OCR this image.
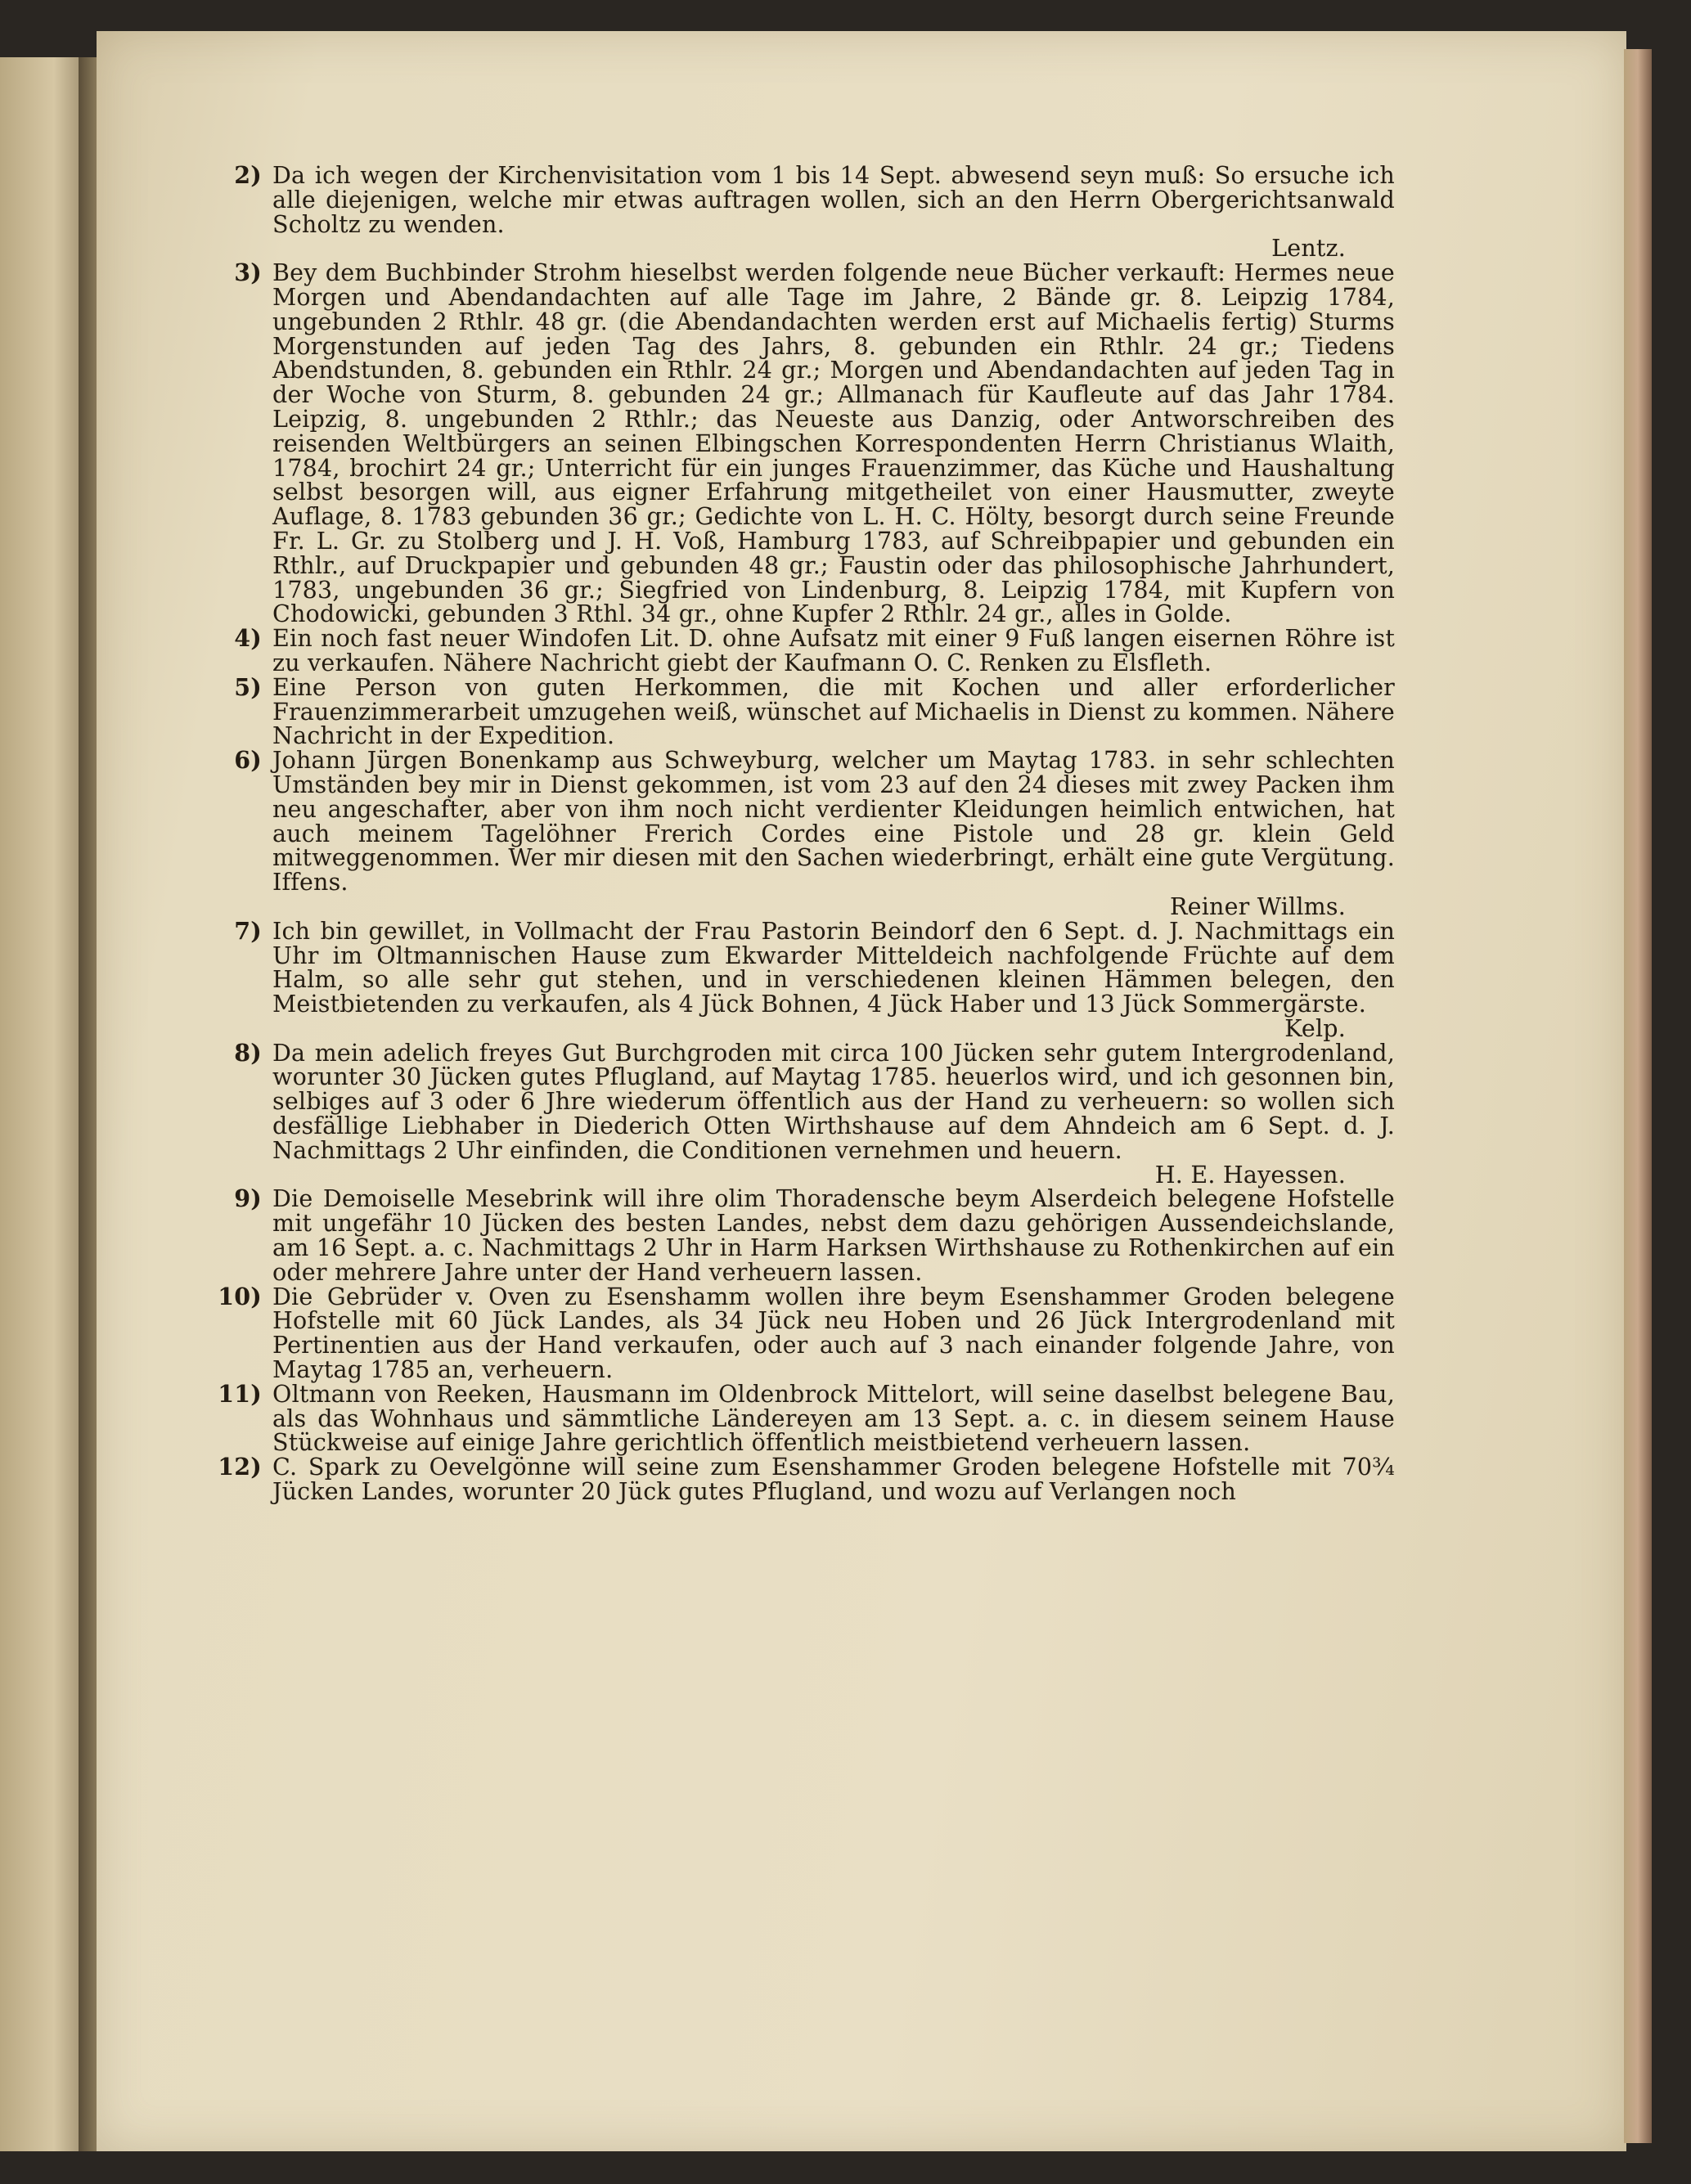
2) Da ich wegen der Kirchenvisitation vom 1 bis 14 Sept. abwesend seyn muß: So ersuche ich alle diejenigen, welche mir etwas auftragen wollen, sich an den Herrn Obergerichtsanwald Scholtz zu wenden.
Lentz.
3) Bey dem Buchbinder Strohm hieselbst werden folgende neue Bücher verkauft: Hermes neue Morgen und Abendandachten auf alle Tage im Jahre, 2 Bände gr. 8. Leipzig 1784, ungebunden 2 Rthlr. 48 gr. (die Abendandachten werden erst auf Michaelis fertig) Sturms Morgenstunden auf jeden Tag des Jahrs, 8. gebunden ein Rthlr. 24 gr.; Tiedens Abendstunden, 8. gebunden ein Rthlr. 24 gr.; Morgen und Abendandachten auf jeden Tag in der Woche von Sturm, 8. gebunden 24 gr.; Allmanach für Kaufleute auf das Jahr 1784. Leipzig, 8. ungebunden 2 Rthlr.; das Neueste aus Danzig, oder Antworschreiben des reisenden Weltbürgers an seinen Elbingschen Korrespondenten Herrn Christianus Wlaith, 1784, brochirt 24 gr.; Unterricht für ein junges Frauenzimmer, das Küche und Haushaltung selbst besorgen will, aus eigner Erfahrung mitgetheilet von einer Hausmutter, zweyte Auflage, 8. 1783 gebunden 36 gr.; Gedichte von L. H. C. Hölty, besorgt durch seine Freunde Fr. L. Gr. zu Stolberg und J. H. Voß, Hamburg 1783, auf Schreibpapier und gebunden ein Rthlr., auf Druckpapier und gebunden 48 gr.; Faustin oder das philosophische Jahrhundert, 1783, ungebunden 36 gr.; Siegfried von Lindenburg, 8. Leipzig 1784, mit Kupfern von Chodowicki, gebunden 3 Rthl. 34 gr., ohne Kupfer 2 Rthlr. 24 gr., alles in Golde.
4) Ein noch fast neuer Windofen Lit. D. ohne Aufsatz mit einer 9 Fuß langen eisernen Röhre ist zu verkaufen. Nähere Nachricht giebt der Kaufmann O. C. Renken zu Elsfleth.
5) Eine Person von guten Herkommen, die mit Kochen und aller erforderlicher Frauenzimmerarbeit umzugehen weiß, wünschet auf Michaelis in Dienst zu kommen. Nähere Nachricht in der Expedition.
6) Johann Jürgen Bonenkamp aus Schweyburg, welcher um Maytag 1783. in sehr schlechten Umständen bey mir in Dienst gekommen, ist vom 23 auf den 24 dieses mit zwey Packen ihm neu angeschafter, aber von ihm noch nicht verdienter Kleidungen heimlich entwichen, hat auch meinem Tagelöhner Frerich Cordes eine Pistole und 28 gr. klein Geld mitweggenommen. Wer mir diesen mit den Sachen wiederbringt, erhält eine gute Vergütung. Iffens.
Reiner Willms.
7) Ich bin gewillet, in Vollmacht der Frau Pastorin Beindorf den 6 Sept. d. J. Nachmittags ein Uhr im Oltmannischen Hause zum Ekwarder Mitteldeich nachfolgende Früchte auf dem Halm, so alle sehr gut stehen, und in verschiedenen kleinen Hämmen belegen, den Meistbietenden zu verkaufen, als 4 Jück Bohnen, 4 Jück Haber und 13 Jück Sommergärste.
Kelp.
8) Da mein adelich freyes Gut Burchgroden mit circa 100 Jücken sehr gutem Intergrodenland, worunter 30 Jücken gutes Pflugland, auf Maytag 1785. heuerlos wird, und ich gesonnen bin, selbiges auf 3 oder 6 Jhre wiederum öffentlich aus der Hand zu verheuern: so wollen sich desfällige Liebhaber in Diederich Otten Wirthshause auf dem Ahndeich am 6 Sept. d. J. Nachmittags 2 Uhr einfinden, die Conditionen vernehmen und heuern.
H. E. Hayessen.
9) Die Demoiselle Mesebrink will ihre olim Thoradensche beym Alserdeich belegene Hofstelle mit ungefähr 10 Jücken des besten Landes, nebst dem dazu gehörigen Aussendeichslande, am 16 Sept. a. c. Nachmittags 2 Uhr in Harm Harksen Wirthshause zu Rothenkirchen auf ein oder mehrere Jahre unter der Hand verheuern lassen.
10) Die Gebrüder v. Oven zu Esenshamm wollen ihre beym Esenshammer Groden belegene Hofstelle mit 60 Jück Landes, als 34 Jück neu Hoben und 26 Jück Intergrodenland mit Pertinentien aus der Hand verkaufen, oder auch auf 3 nach einander folgende Jahre, von Maytag 1785 an, verheuern.
11) Oltmann von Reeken, Hausmann im Oldenbrock Mittelort, will seine daselbst belegene Bau, als das Wohnhaus und sämmtliche Ländereyen am 13 Sept. a. c. in diesem seinem Hause Stückweise auf einige Jahre gerichtlich öffentlich meistbietend verheuern lassen.
12) C. Spark zu Oevelgönne will seine zum Esenshammer Groden belegene Hofstelle mit 70¾ Jücken Landes, worunter 20 Jück gutes Pflugland, und wozu auf Verlangen noch
